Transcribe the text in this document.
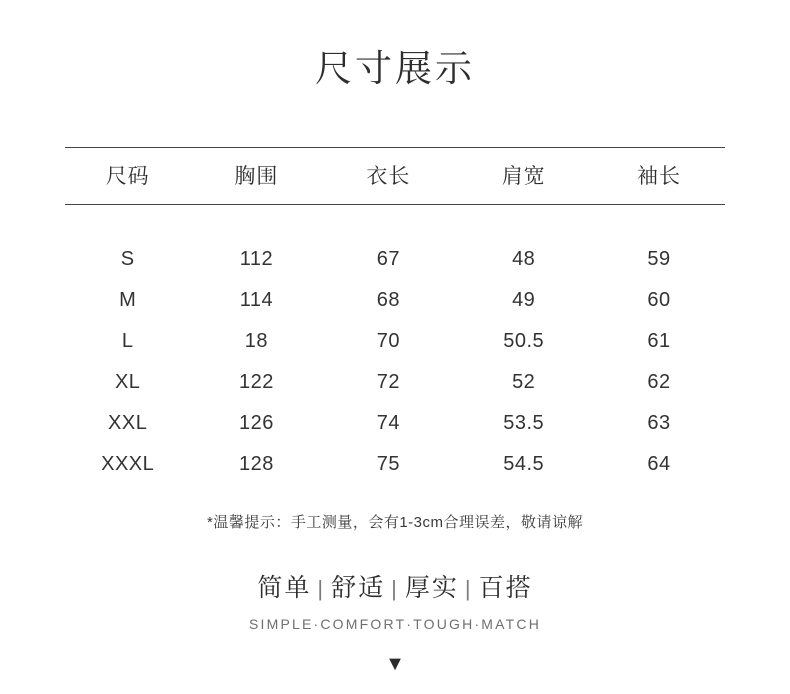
尺寸展示
尺码	胸围	衣长	肩宽	袖长

S	112	67	48	59
M	114	68	49	60
L	18	70	50.5	61
XL	122	72	52	62
XXL	126	74	53.5	63
XXXL	128	75	54.5	64
*温馨提示：手工测量，会有1-3cm合理误差，敬请谅解
简单 | 舒适 | 厚实 | 百搭
SIMPLE·COMFORT·TOUGH·MATCH
▼
